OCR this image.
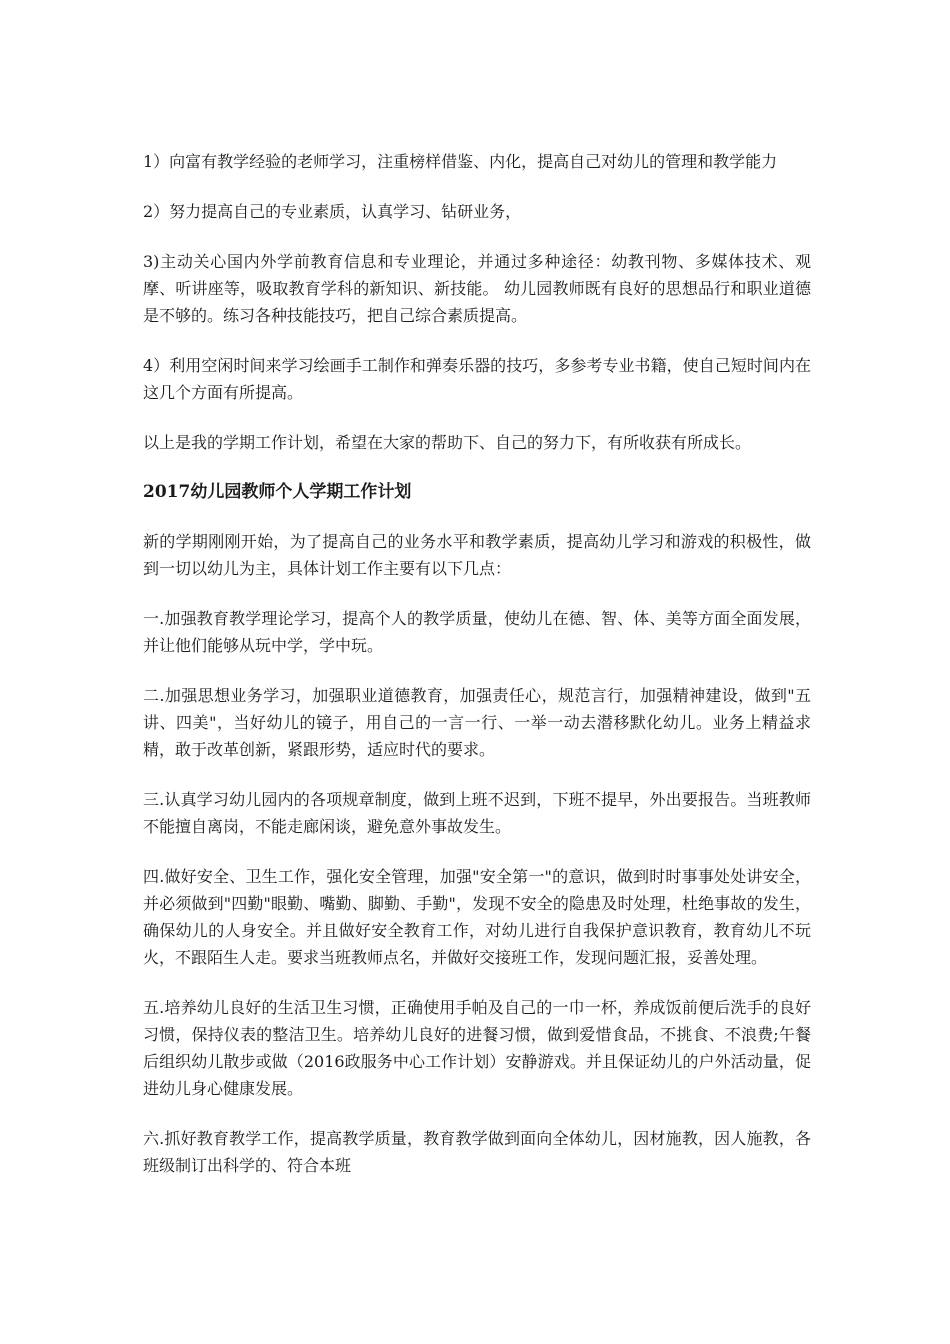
1）向富有教学经验的老师学习，注重榜样借鉴、内化，提高自己对幼儿的管理和教学能力

2）努力提高自己的专业素质，认真学习、钻研业务，

3)主动关心国内外学前教育信息和专业理论，并通过多种途径：幼教刊物、多媒体技术、观摩、听讲座等，吸取教育学科的新知识、新技能。 幼儿园教师既有良好的思想品行和职业道德是不够的。练习各种技能技巧，把自己综合素质提高。

4）利用空闲时间来学习绘画手工制作和弹奏乐器的技巧，多参考专业书籍，使自己短时间内在这几个方面有所提高。

以上是我的学期工作计划，希望在大家的帮助下、自己的努力下，有所收获有所成长。

2017幼儿园教师个人学期工作计划

新的学期刚刚开始，为了提高自己的业务水平和教学素质，提高幼儿学习和游戏的积极性，做到一切以幼儿为主，具体计划工作主要有以下几点：

一.加强教育教学理论学习，提高个人的教学质量，使幼儿在德、智、体、美等方面全面发展，并让他们能够从玩中学，学中玩。

二.加强思想业务学习，加强职业道德教育，加强责任心，规范言行，加强精神建设，做到"五讲、四美"，当好幼儿的镜子，用自己的一言一行、一举一动去潜移默化幼儿。业务上精益求精，敢于改革创新，紧跟形势，适应时代的要求。

三.认真学习幼儿园内的各项规章制度，做到上班不迟到，下班不提早，外出要报告。当班教师不能擅自离岗，不能走廊闲谈，避免意外事故发生。

四.做好安全、卫生工作，强化安全管理，加强"安全第一"的意识，做到时时事事处处讲安全，并必须做到"四勤"眼勤、嘴勤、脚勤、手勤"，发现不安全的隐患及时处理，杜绝事故的发生，确保幼儿的人身安全。并且做好安全教育工作，对幼儿进行自我保护意识教育，教育幼儿不玩火，不跟陌生人走。要求当班教师点名，并做好交接班工作，发现问题汇报，妥善处理。

五.培养幼儿良好的生活卫生习惯，正确使用手帕及自己的一巾一杯，养成饭前便后洗手的良好习惯，保持仪表的整洁卫生。培养幼儿良好的进餐习惯，做到爱惜食品，不挑食、不浪费;午餐后组织幼儿散步或做（2016政服务中心工作计划）安静游戏。并且保证幼儿的户外活动量，促进幼儿身心健康发展。

六.抓好教育教学工作，提高教学质量，教育教学做到面向全体幼儿，因材施教，因人施教，各班级制订出科学的、符合本班
